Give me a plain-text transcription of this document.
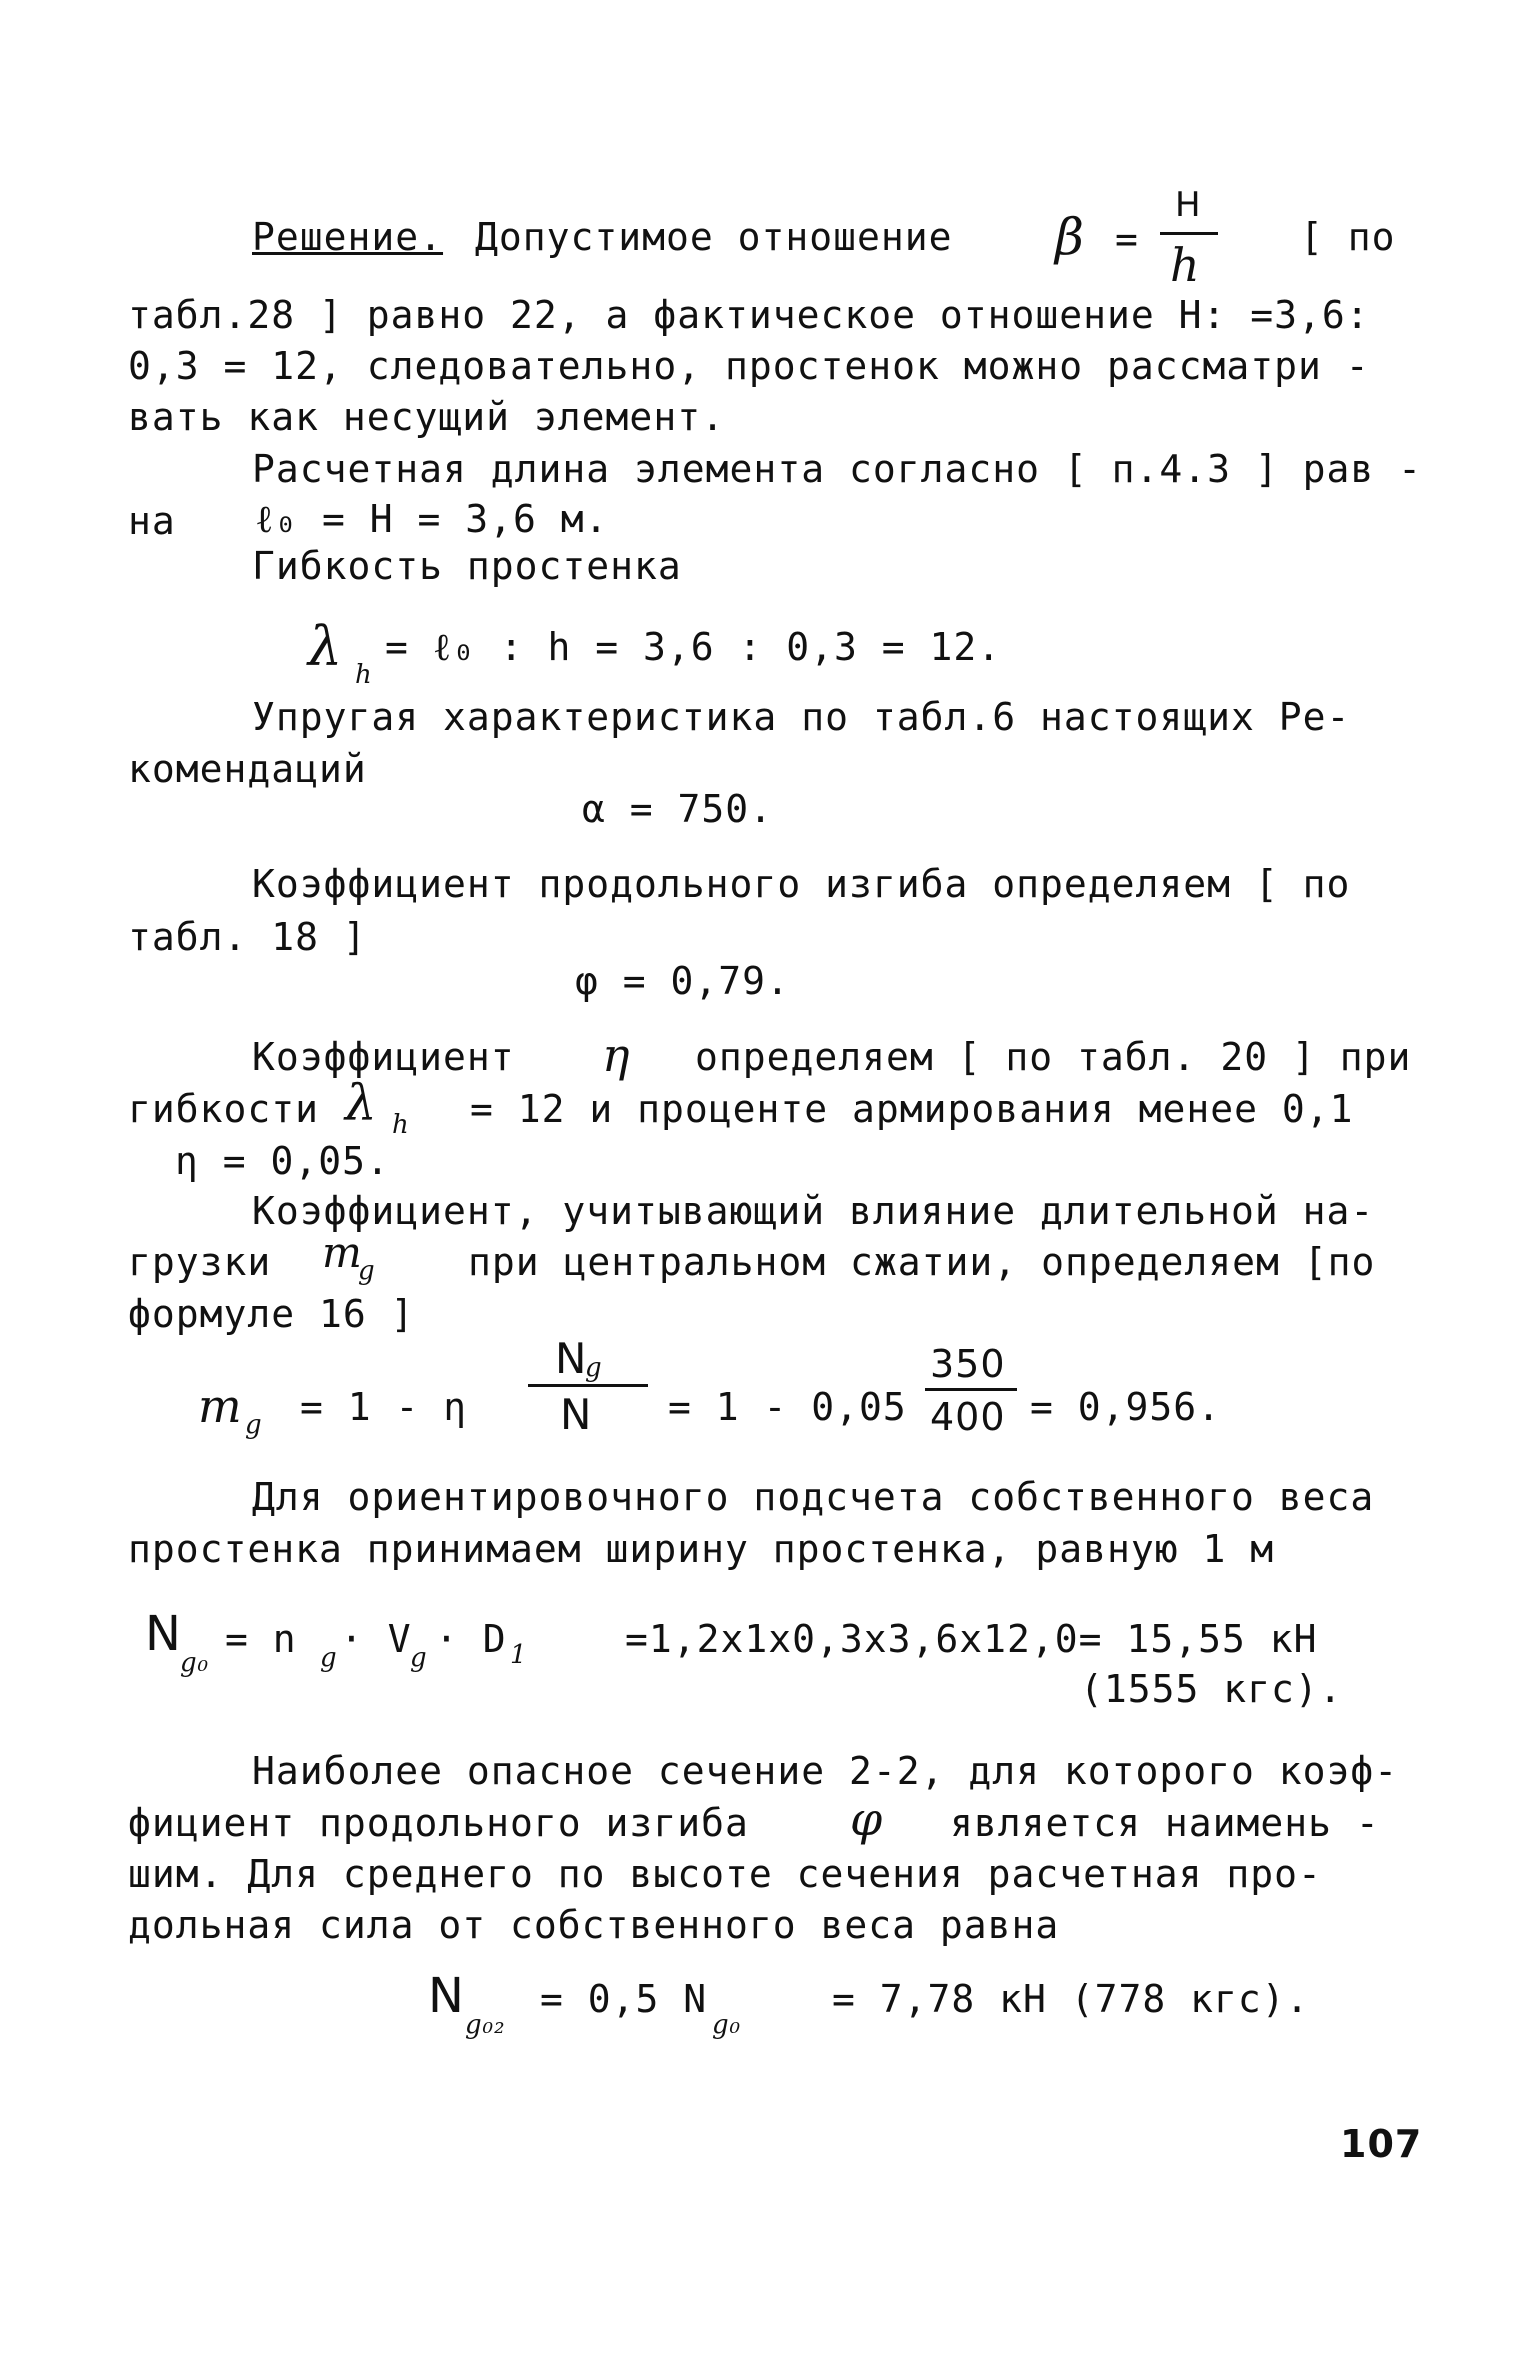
Решение. Допустимое отношение β =
H
h
[ по
табл.28 ] равно 22, а фактическое отношение Н: =3,6:
0,3 = 12, следовательно, простенок можно рассматри -
вать как несущий элемент.
Расчетная длина элемента согласно [ п.4.3 ] рав -
на ℓ₀ = H = 3,6 м.
Гибкость простенка
λ h
= ℓ₀ : h = 3,6 : 0,3 = 12.
Упругая характеристика по табл.6 настоящих Ре-
комендаций
α = 750.
Коэффициент продольного изгиба определяем [ по
табл. 18 ]
φ = 0,79.
Коэффициент η определяем [ по табл. 20 ] при
гибкости λ h = 12 и проценте армирования менее 0,1
η = 0,05.
Коэффициент, учитывающий влияние длительной на-
грузки m
g при центральном сжатии, определяем [по
формуле 16 ]
m g = 1 - η
N
g
N = 1 - 0,05
350
400 = 0,956.
Для ориентировочного подсчета собственного веса
простенка принимаем ширину простенка, равную 1 м
N
g₀
= n g · V
g · D 1	=1,2x1x0,3x3,6x12,0= 15,55 кН
(1555 кгс).
Наиболее опасное сечение 2-2, для которого коэф-
фициент продольного изгиба φ является наимень -
шим. Для среднего по высоте сечения расчетная про-
дольная сила от собственного веса равна
N
g₀₂
= 0,5 N
g₀
= 7,78 кН (778 кгс).
107
